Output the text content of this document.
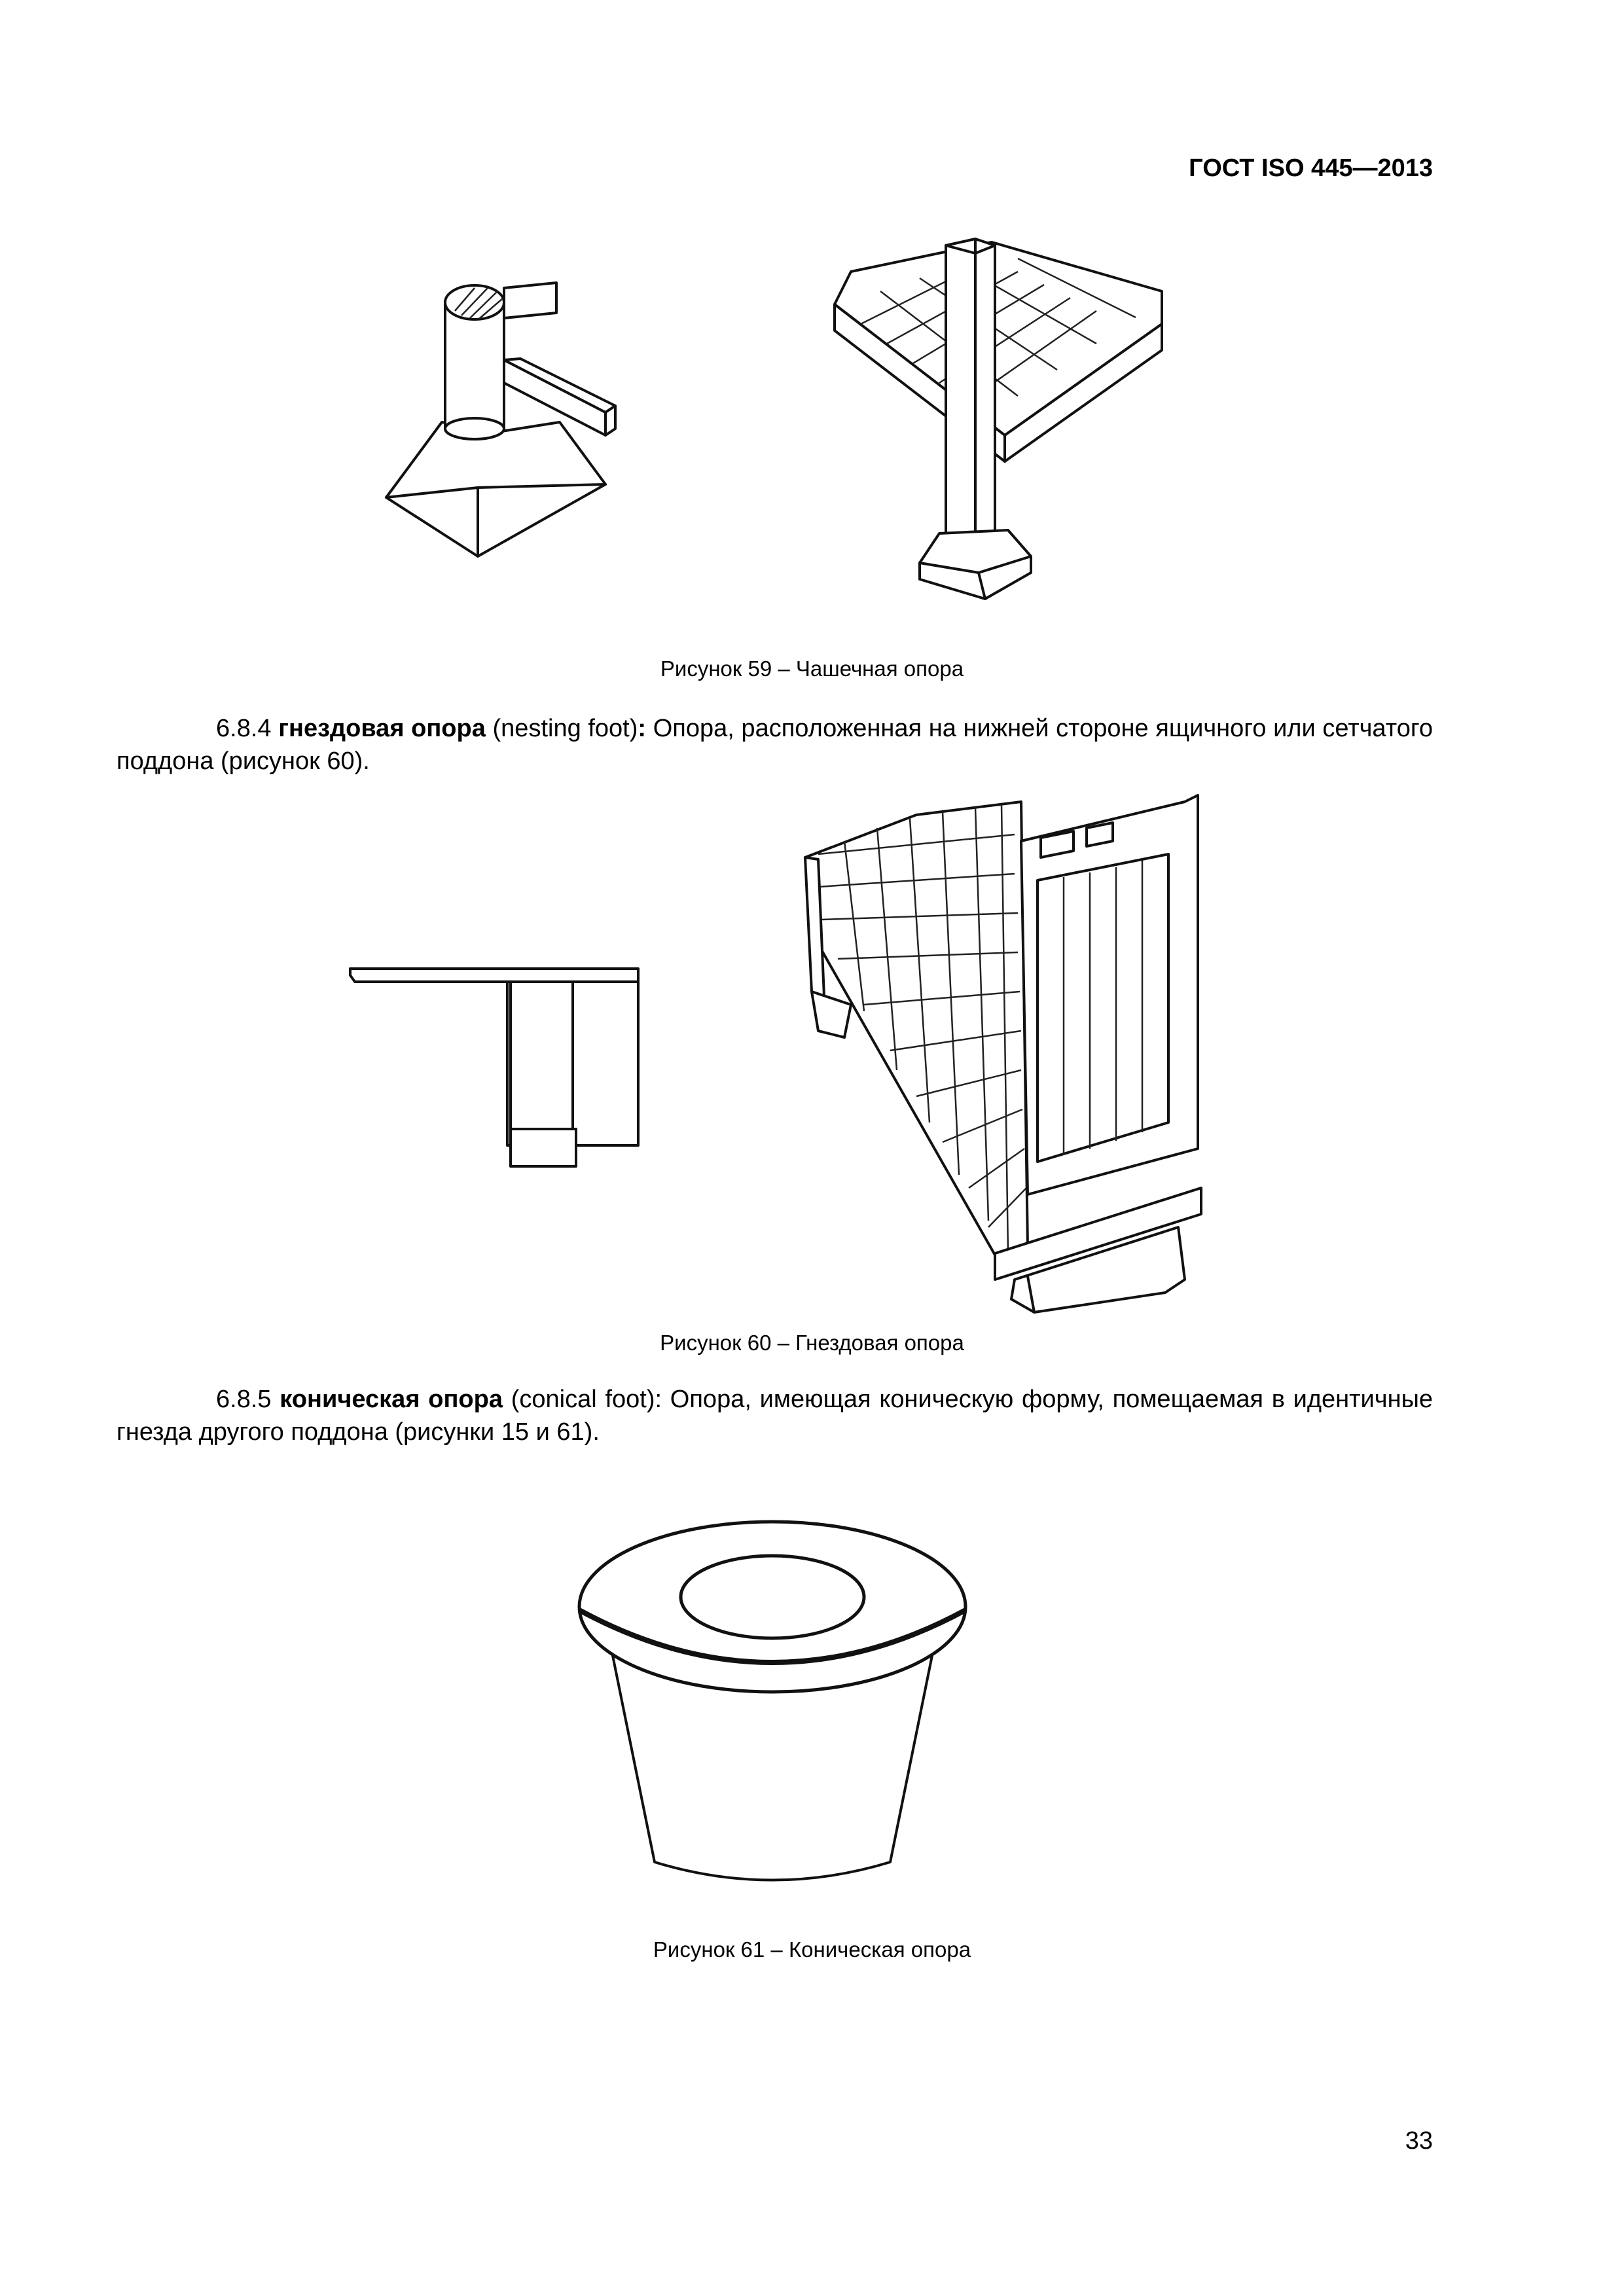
ГОСТ ISO 445—2013
Рисунок 59 – Чашечная опора
6.8.4 гнездовая опора (nesting foot): Опора, расположенная на нижней стороне ящичного или сетчатого поддона (рисунок 60).
Рисунок 60 – Гнездовая опора
6.8.5 коническая опора (conical foot): Опора, имеющая коническую форму, помещаемая в идентичные гнезда другого поддона (рисунки 15 и 61).
Рисунок 61 – Коническая опора
33
